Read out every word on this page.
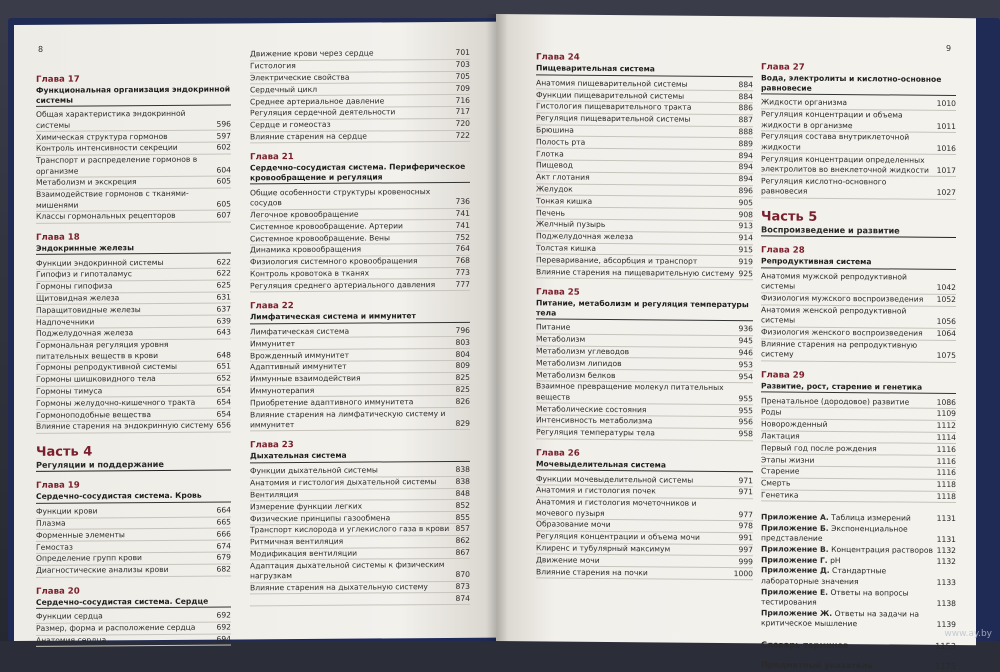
8
Глава 17
Функциональная организация эндокринной системы
Общая характеристика эндокринной системы	596
Химическая структура гормонов	597
Контроль интенсивности секреции	602
Транспорт и распределение гормонов в организме	604
Метаболизм и экскреция	605
Взаимодействие гормонов с тканями-мишенями	605
Классы гормональных рецепторов	607
Глава 18
Эндокринные железы
Функции эндокринной системы	622
Гипофиз и гипоталамус	622
Гормоны гипофиза	625
Щитовидная железа	631
Паращитовидные железы	637
Надпочечники	639
Поджелудочная железа	643
Гормональная регуляция уровня питательных веществ в крови	648
Гормоны репродуктивной системы	651
Гормоны шишковидного тела	652
Гормоны тимуса	654
Гормоны желудочно-кишечного тракта	654
Гормоноподобные вещества	654
Влияние старения на эндокринную систему 656
Часть 4
Регуляции и поддержание
Глава 19
Сердечно-сосудистая система. Кровь
Функции крови	664
Плазма	665
Форменные элементы	666
Гемостаз	674
Определение групп крови	679
Диагностические анализы крови	682
Глава 20
Сердечно-сосудистая система. Сердце
Функции сердца	692
Размер, форма и расположение сердца	692
Анатомия сердца	694
Движение крови через сердце	701
Гистология	703
Электрические свойства	705
Сердечный цикл	709
Среднее артериальное давление	716
Регуляция сердечной деятельности	717
Сердце и гомеостаз	720
Влияние старения на сердце	722
Глава 21
Сердечно-сосудистая система. Периферическое кровообращение и регуляция
Общие особенности структуры кровеносных сосудов	736
Легочное кровообращение	741
Системное кровообращение. Артерии	741
Системное кровообращение. Вены	752
Динамика кровообращения	764
Физиология системного кровообращения	768
Контроль кровотока в тканях	773
Регуляция среднего артериального давления	777
Глава 22
Лимфатическая система и иммунитет
Лимфатическая система	796
Иммунитет	803
Врожденный иммунитет	804
Адаптивный иммунитет	809
Иммунные взаимодействия	825
Иммунотерапия	825
Приобретение адаптивного иммунитета	826
Влияние старения на лимфатическую систему и иммунитет	829
Глава 23
Дыхательная система
Функции дыхательной системы	838
Анатомия и гистология дыхательной системы	838
Вентиляция	848
Измерение функции легких	852
Физические принципы газообмена	855
Транспорт кислорода и углекислого газа в крови 857
Ритмичная вентиляция	862
Модификация вентиляции	867
Адаптация дыхательной системы к физическим нагрузкам	870
Влияние старения на дыхательную систему	873
874
9
Глава 24
Пищеварительная система
Анатомия пищеварительной системы	884
Функции пищеварительной системы	884
Гистология пищеварительного тракта	886
Регуляция пищеварительной системы	887
Брюшина	888
Полость рта	889
Глотка	894
Пищевод	894
Акт глотания	894
Желудок	896
Тонкая кишка	905
Печень	908
Желчный пузырь	913
Поджелудочная железа	914
Толстая кишка	915
Переваривание, абсорбция и транспорт	919
Влияние старения на пищеварительную систему 925
Глава 25
Питание, метаболизм и регуляция температуры тела
Питание	936
Метаболизм	945
Метаболизм углеводов	946
Метаболизм липидов	953
Метаболизм белков	954
Взаимное превращение молекул питательных веществ	955
Метаболические состояния	955
Интенсивность метаболизма	956
Регуляция температуры тела	958
Глава 26
Мочевыделительная система
Функции мочевыделительной системы	971
Анатомия и гистология почек	971
Анатомия и гистология мочеточников и мочевого пузыря	977
Образование мочи	978
Регуляция концентрации и объема мочи	991
Клиренс и тубулярный максимум	997
Движение мочи	999
Влияние старения на почки	1000
Глава 27
Вода, электролиты и кислотно-основное равновесие
Жидкости организма	1010
Регуляция концентрации и объема жидкости в организме	1011
Регуляция состава внутриклеточной жидкости	1016
Регуляция концентрации определенных электролитов во внеклеточной жидкости	1017
Регуляция кислотно-основного равновесия	1027
Часть 5
Воспроизведение и развитие
Глава 28
Репродуктивная система
Анатомия мужской репродуктивной системы	1042
Физиология мужского воспроизведения	1052
Анатомия женской репродуктивной системы	1056
Физиология женского воспроизведения	1064
Влияние старения на репродуктивную систему	1075
Глава 29
Развитие, рост, старение и генетика
Пренатальное (дородовое) развитие	1086
Роды	1109
Новорожденный	1112
Лактация	1114
Первый год после рождения	1116
Этапы жизни	1116
Старение	1116
Смерть	1118
Генетика	1118
Приложение А. Таблица измерений	1131
Приложение Б. Экспоненциальное представление	1131
Приложение В. Концентрация растворов 1132
Приложение Г. pH	1132
Приложение Д. Стандартные лабораторные значения	1133
Приложение Е. Ответы на вопросы тестирования	1138
Приложение Ж. Ответы на задачи на критическое мышление	1139
Словарь терминов	1153
Предметный указатель	1175
www.ay.by
